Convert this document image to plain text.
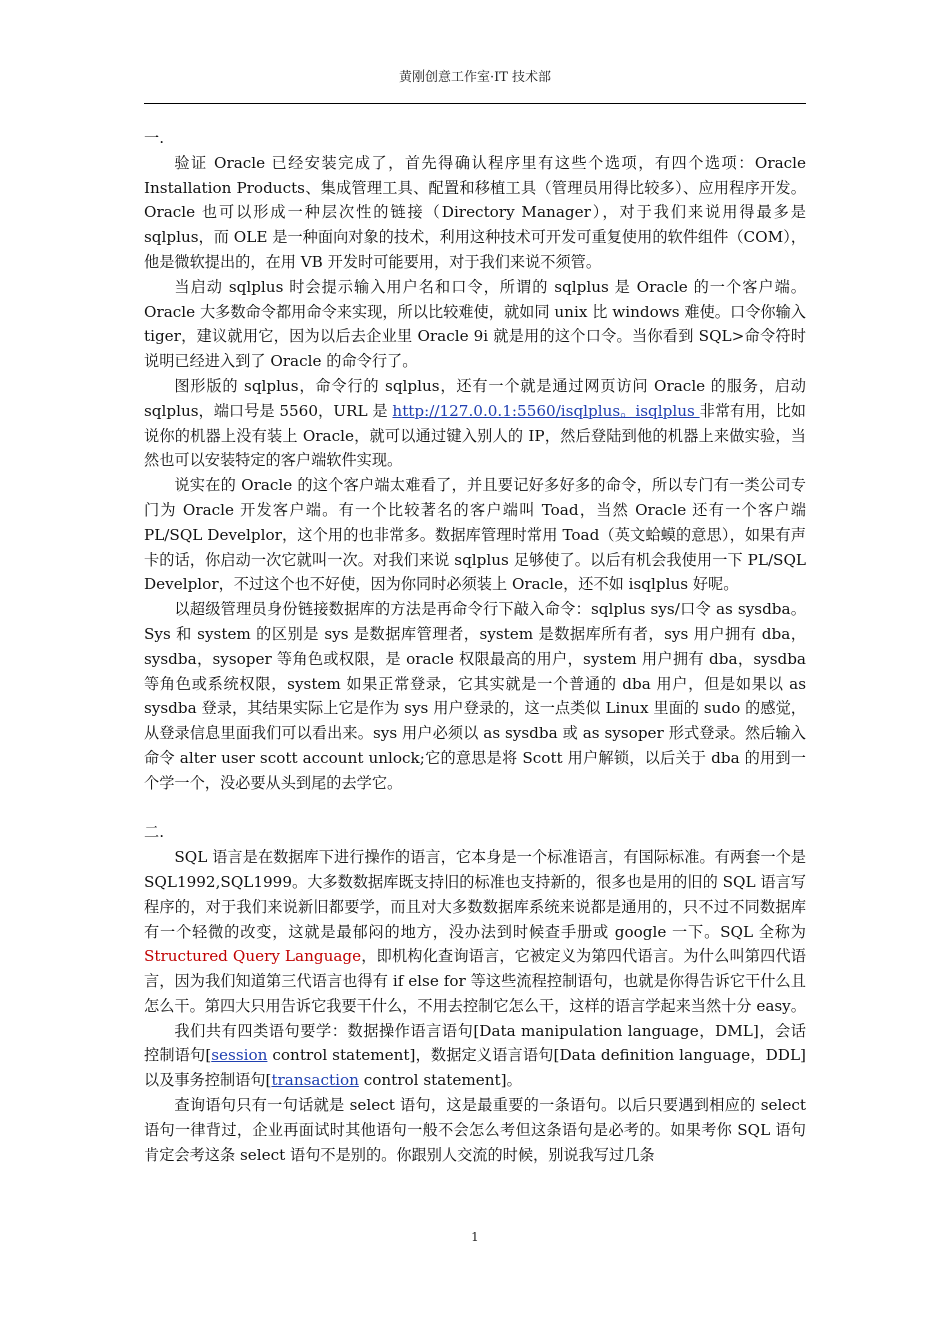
黄刚创意工作室·IT 技术部

一.

验证 Oracle 已经安装完成了，首先得确认程序里有这些个选项，有四个选项：Oracle Installation Products、集成管理工具、配置和移植工具（管理员用得比较多）、应用程序开发。Oracle 也可以形成一种层次性的链接（Directory Manager），对于我们来说用得最多是 sqlplus，而 OLE 是一种面向对象的技术，利用这种技术可开发可重复使用的软件组件（COM），他是微软提出的，在用 VB 开发时可能要用，对于我们来说不须管。

当启动 sqlplus 时会提示输入用户名和口令，所谓的 sqlplus 是 Oracle 的一个客户端。Oracle 大多数命令都用命令来实现，所以比较难使，就如同 unix 比 windows 难使。口令你输入 tiger，建议就用它，因为以后去企业里 Oracle 9i 就是用的这个口令。当你看到 SQL>命令符时说明已经进入到了 Oracle 的命令行了。

图形版的 sqlplus，命令行的 sqlplus，还有一个就是通过网页访问 Oracle 的服务，启动 sqlplus，端口号是 5560，URL 是 http://127.0.0.1:5560/isqlplus。isqlplus 非常有用，比如说你的机器上没有装上 Oracle，就可以通过键入别人的 IP，然后登陆到他的机器上来做实验，当然也可以安装特定的客户端软件实现。

说实在的 Oracle 的这个客户端太难看了，并且要记好多好多的命令，所以专门有一类公司专门为 Oracle 开发客户端。有一个比较著名的客户端叫 Toad，当然 Oracle 还有一个客户端 PL/SQL Develplor，这个用的也非常多。数据库管理时常用 Toad（英文蛤蟆的意思），如果有声卡的话，你启动一次它就叫一次。对我们来说 sqlplus 足够使了。以后有机会我使用一下 PL/SQL Develplor，不过这个也不好使，因为你同时必须装上 Oracle，还不如 isqlplus 好呢。

以超级管理员身份链接数据库的方法是再命令行下敲入命令：sqlplus sys/口令 as sysdba。Sys 和 system 的区别是 sys 是数据库管理者，system 是数据库所有者，sys 用户拥有 dba，sysdba，sysoper 等角色或权限，是 oracle 权限最高的用户，system 用户拥有 dba，sysdba 等角色或系统权限，system 如果正常登录，它其实就是一个普通的 dba 用户，但是如果以 as sysdba 登录，其结果实际上它是作为 sys 用户登录的，这一点类似 Linux 里面的 sudo 的感觉，从登录信息里面我们可以看出来。sys 用户必须以 as sysdba 或 as sysoper 形式登录。然后输入命令 alter user scott account unlock;它的意思是将 Scott 用户解锁，以后关于 dba 的用到一个学一个，没必要从头到尾的去学它。

二.

SQL 语言是在数据库下进行操作的语言，它本身是一个标准语言，有国际标准。有两套一个是 SQL1992,SQL1999。大多数数据库既支持旧的标准也支持新的，很多也是用的旧的 SQL 语言写程序的，对于我们来说新旧都要学，而且对大多数数据库系统来说都是通用的，只不过不同数据库有一个轻微的改变，这就是最郁闷的地方，没办法到时候查手册或 google 一下。SQL 全称为 Structured Query Language，即机构化查询语言，它被定义为第四代语言。为什么叫第四代语言，因为我们知道第三代语言也得有 if else for 等这些流程控制语句，也就是你得告诉它干什么且怎么干。第四大只用告诉它我要干什么，不用去控制它怎么干，这样的语言学起来当然十分 easy。

我们共有四类语句要学：数据操作语言语句[Data manipulation language，DML]，会话控制语句[session control statement]，数据定义语言语句[Data definition language，DDL]以及事务控制语句[transaction control statement]。

查询语句只有一句话就是 select 语句，这是最重要的一条语句。以后只要遇到相应的 select 语句一律背过，企业再面试时其他语句一般不会怎么考但这条语句是必考的。如果考你 SQL 语句肯定会考这条 select 语句不是别的。你跟别人交流的时候，别说我写过几条

1
